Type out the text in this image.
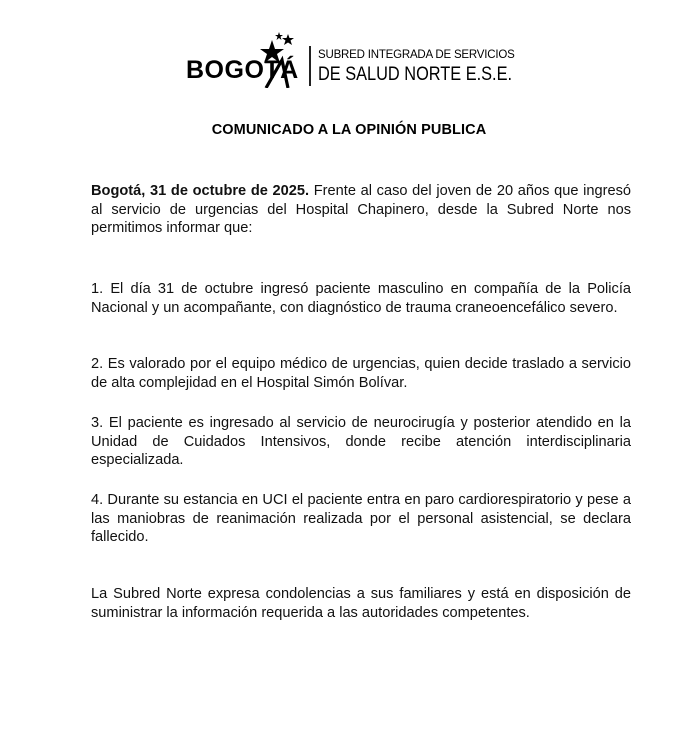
BOGOTÁ
SUBRED INTEGRADA DE SERVICIOS
DE SALUD NORTE E.S.E.
COMUNICADO A LA OPINIÓN PUBLICA

Bogotá, 31 de octubre de 2025. Frente al caso del joven de 20 años que ingresó al servicio de urgencias del Hospital Chapinero, desde la Subred Norte nos permitimos informar que:

1. El día 31 de octubre ingresó paciente masculino en compañía de la Policía Nacional y un acompañante, con diagnóstico de trauma craneoencefálico severo.

2. Es valorado por el equipo médico de urgencias, quien decide traslado a servicio de alta complejidad en el Hospital Simón Bolívar.

3. El paciente es ingresado al servicio de neurocirugía y posterior atendido en la Unidad de Cuidados Intensivos, donde recibe atención interdisciplinaria especializada.

4. Durante su estancia en UCI el paciente entra en paro cardiorespiratorio y pese a las maniobras de reanimación realizada por el personal asistencial, se declara fallecido.

La Subred Norte expresa condolencias a sus familiares y está en disposición de suministrar la información requerida a las autoridades competentes.
